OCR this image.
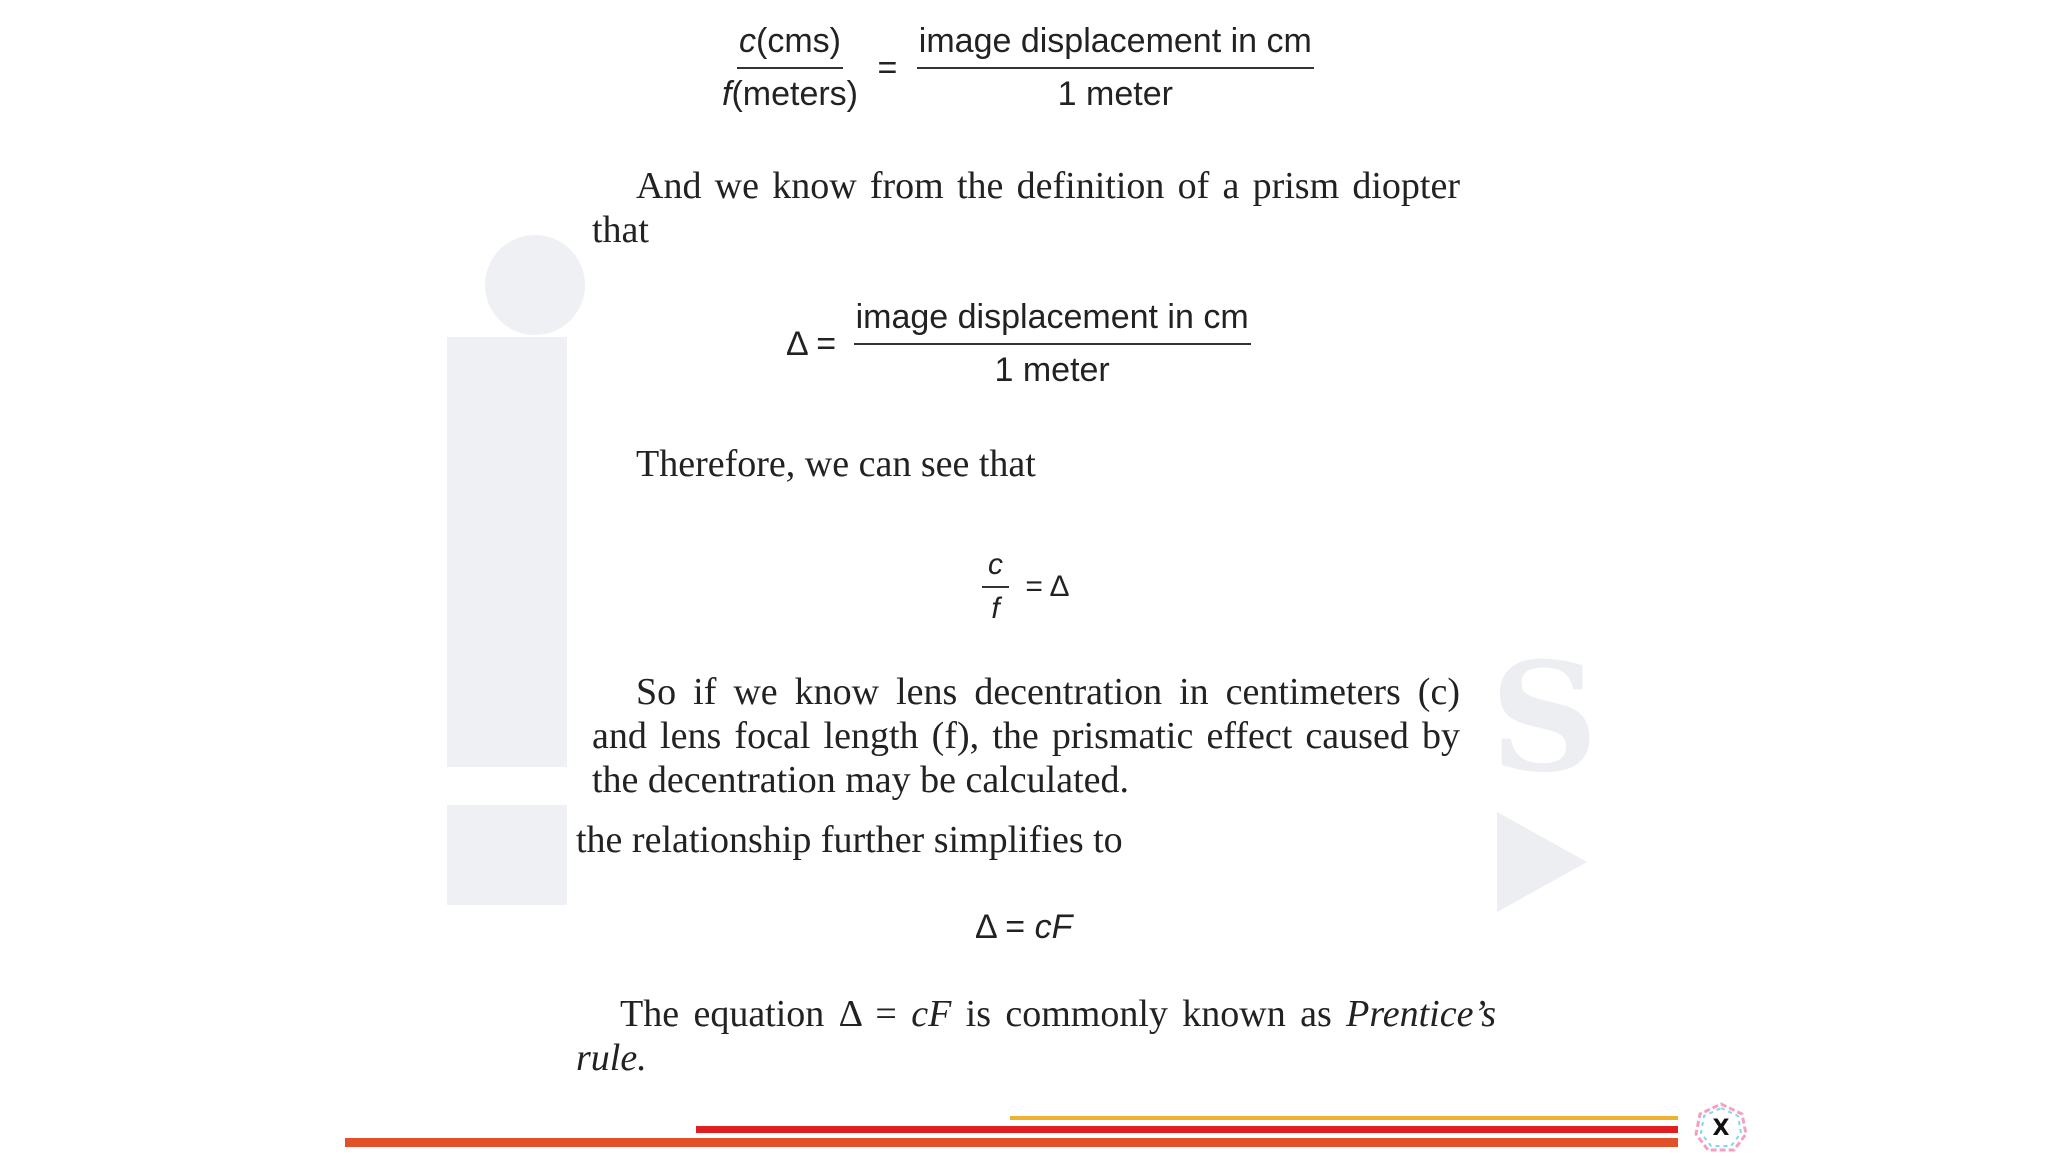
S
$\frac{\text{c(cms)}}{\text{f(meters)}} = \frac{\text{image displacement in cm}}{\text{1 meter}}$
And we know from the definition of a prism diopter that
$\Delta = \frac{\text{image displacement in cm}}{\text{1 meter}}$
Therefore, we can see that
$\frac{c}{f} = \Delta$
So if we know lens decentration in centimeters (c) and lens focal length (f), the prismatic effect caused by the decentration may be calculated.
the relationship further simplifies to
Δ = cF
The equation Δ = cF is commonly known as Prentice’s rule.
X
